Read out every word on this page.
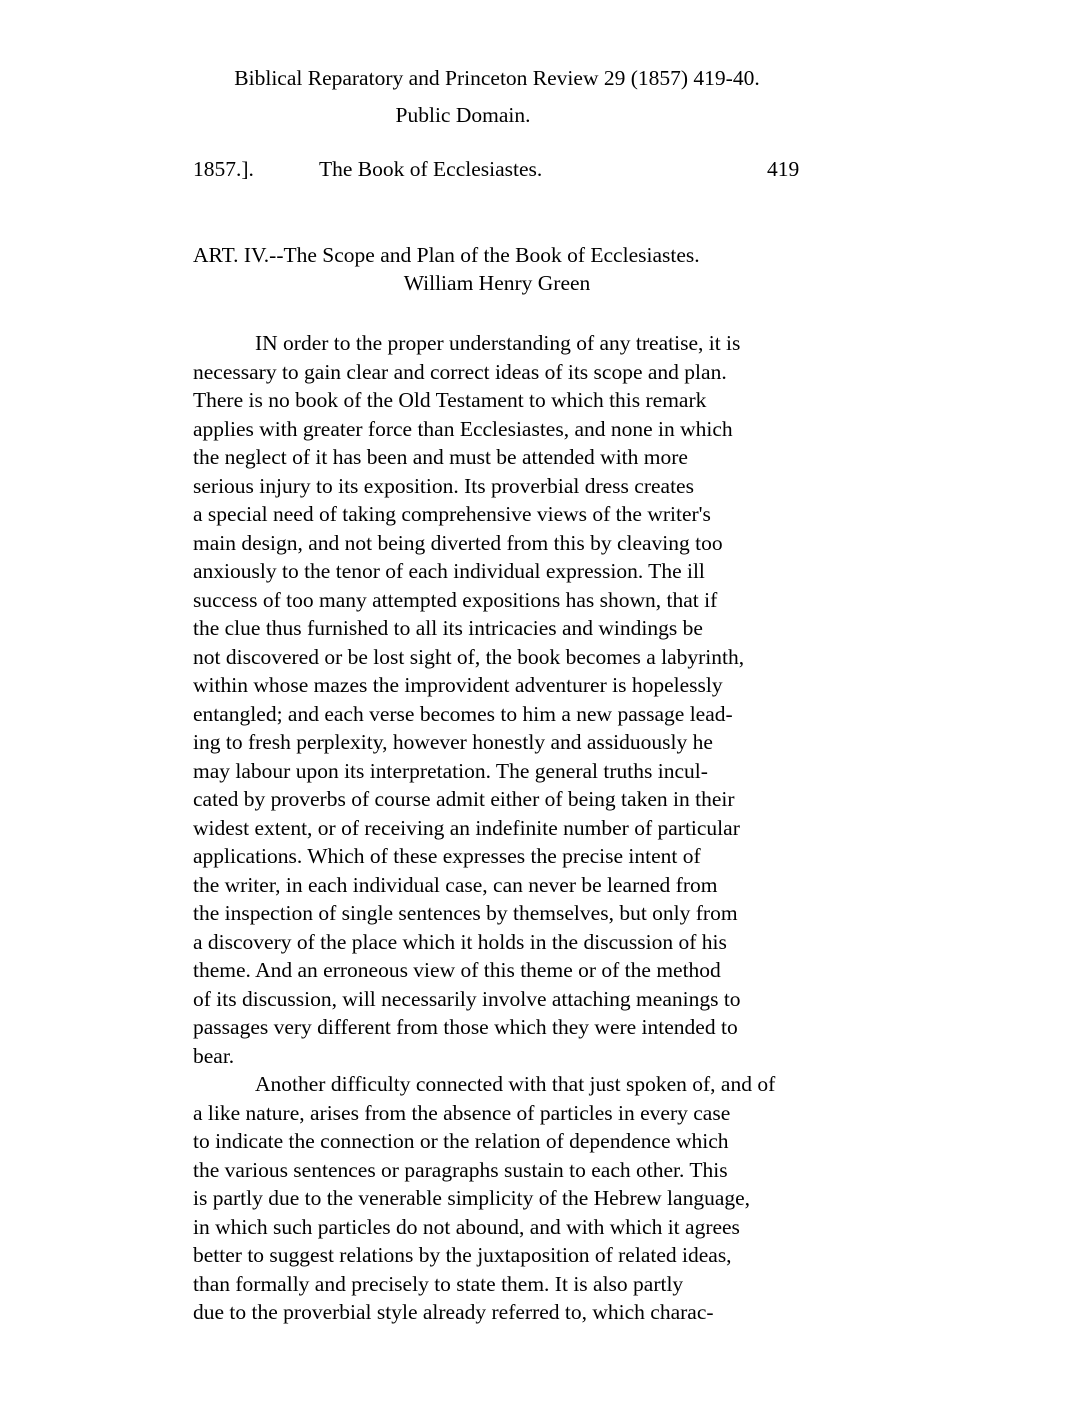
Biblical Reparatory and Princeton Review 29 (1857) 419-40.
Public Domain.
1857.].	The Book of Ecclesiastes.	419
ART. IV.--The Scope and Plan of the Book of Ecclesiastes.
William Henry Green
IN order to the proper understanding of any treatise, it is
necessary to gain clear and correct ideas of its scope and plan.
There is no book of the Old Testament to which this remark
applies with greater force than Ecclesiastes, and none in which
the neglect of it has been and must be attended with more
serious injury to its exposition. Its proverbial dress creates
a special need of taking comprehensive views of the writer's
main design, and not being diverted from this by cleaving too
anxiously to the tenor of each individual expression. The ill
success of too many attempted expositions has shown, that if
the clue thus furnished to all its intricacies and windings be
not discovered or be lost sight of, the book becomes a labyrinth,
within whose mazes the improvident adventurer is hopelessly
entangled; and each verse becomes to him a new passage lead-
ing to fresh perplexity, however honestly and assiduously he
may labour upon its interpretation. The general truths incul-
cated by proverbs of course admit either of being taken in their
widest extent, or of receiving an indefinite number of particular
applications. Which of these expresses the precise intent of
the writer, in each individual case, can never be learned from
the inspection of single sentences by themselves, but only from
a discovery of the place which it holds in the discussion of his
theme. And an erroneous view of this theme or of the method
of its discussion, will necessarily involve attaching meanings to
passages very different from those which they were intended to
bear.
Another difficulty connected with that just spoken of, and of
a like nature, arises from the absence of particles in every case
to indicate the connection or the relation of dependence which
the various sentences or paragraphs sustain to each other. This
is partly due to the venerable simplicity of the Hebrew language,
in which such particles do not abound, and with which it agrees
better to suggest relations by the juxtaposition of related ideas,
than formally and precisely to state them. It is also partly
due to the proverbial style already referred to, which charac-
